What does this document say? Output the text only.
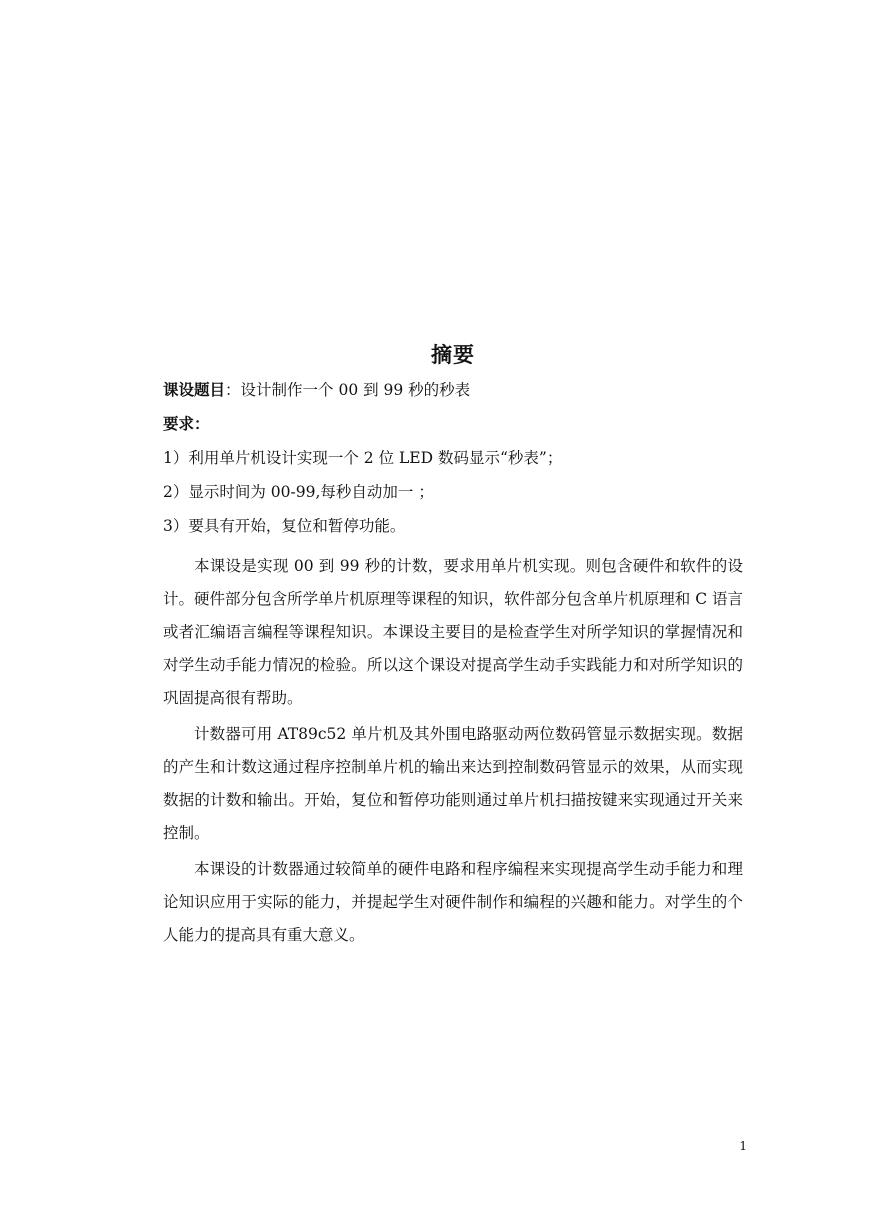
摘要

课设题目：设计制作一个 00 到 99 秒的秒表

要求：

1）利用单片机设计实现一个 2 位 LED 数码显示“秒表”；

2）显示时间为 00-99,每秒自动加一 ；

3）要具有开始，复位和暂停功能。

本课设是实现 00 到 99 秒的计数，要求用单片机实现。则包含硬件和软件的设计。硬件部分包含所学单片机原理等课程的知识，软件部分包含单片机原理和 C 语言或者汇编语言编程等课程知识。本课设主要目的是检查学生对所学知识的掌握情况和对学生动手能力情况的检验。所以这个课设对提高学生动手实践能力和对所学知识的巩固提高很有帮助。

计数器可用 AT89c52 单片机及其外围电路驱动两位数码管显示数据实现。数据的产生和计数这通过程序控制单片机的输出来达到控制数码管显示的效果，从而实现数据的计数和输出。开始，复位和暂停功能则通过单片机扫描按键来实现通过开关来控制。

本课设的计数器通过较简单的硬件电路和程序编程来实现提高学生动手能力和理论知识应用于实际的能力，并提起学生对硬件制作和编程的兴趣和能力。对学生的个人能力的提高具有重大意义。

1
